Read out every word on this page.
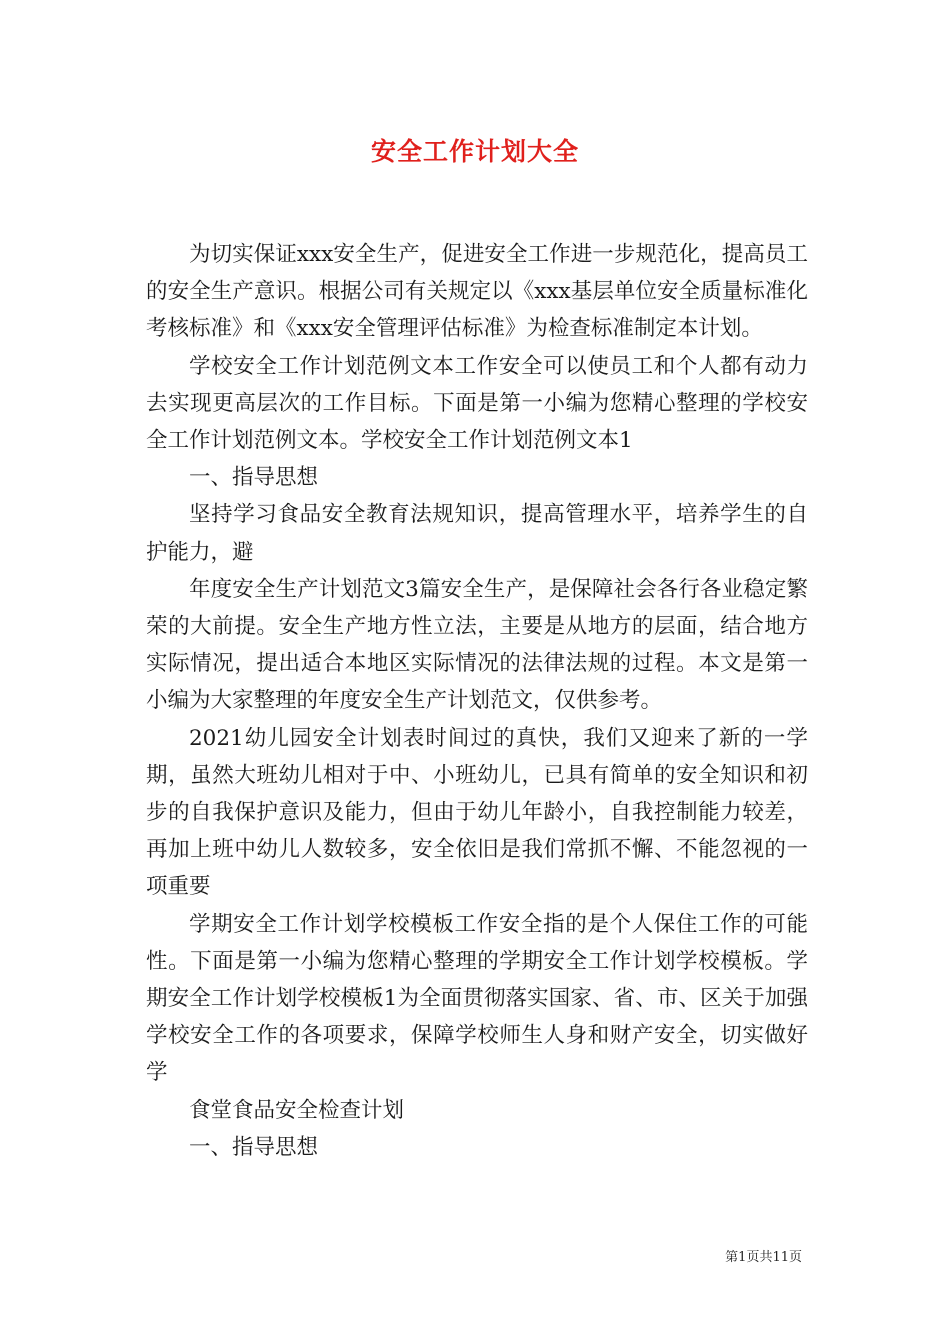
安全工作计划大全

为切实保证xxx安全生产，促进安全工作进一步规范化，提高员工的安全生产意识。根据公司有关规定以《xxx基层单位安全质量标准化考核标准》和《xxx安全管理评估标准》为检查标准制定本计划。

学校安全工作计划范例文本工作安全可以使员工和个人都有动力去实现更高层次的工作目标。下面是第一小编为您精心整理的学校安全工作计划范例文本。学校安全工作计划范例文本1

一、指导思想

坚持学习食品安全教育法规知识，提高管理水平，培养学生的自护能力，避

年度安全生产计划范文3篇安全生产，是保障社会各行各业稳定繁荣的大前提。安全生产地方性立法，主要是从地方的层面，结合地方实际情况，提出适合本地区实际情况的法律法规的过程。本文是第一小编为大家整理的年度安全生产计划范文，仅供参考。

2021幼儿园安全计划表时间过的真快，我们又迎来了新的一学期，虽然大班幼儿相对于中、小班幼儿，已具有简单的安全知识和初步的自我保护意识及能力，但由于幼儿年龄小，自我控制能力较差，再加上班中幼儿人数较多，安全依旧是我们常抓不懈、不能忽视的一项重要

学期安全工作计划学校模板工作安全指的是个人保住工作的可能性。下面是第一小编为您精心整理的学期安全工作计划学校模板。学期安全工作计划学校模板1为全面贯彻落实国家、省、市、区关于加强学校安全工作的各项要求，保障学校师生人身和财产安全，切实做好学

食堂食品安全检查计划

一、指导思想

第1页共11页
